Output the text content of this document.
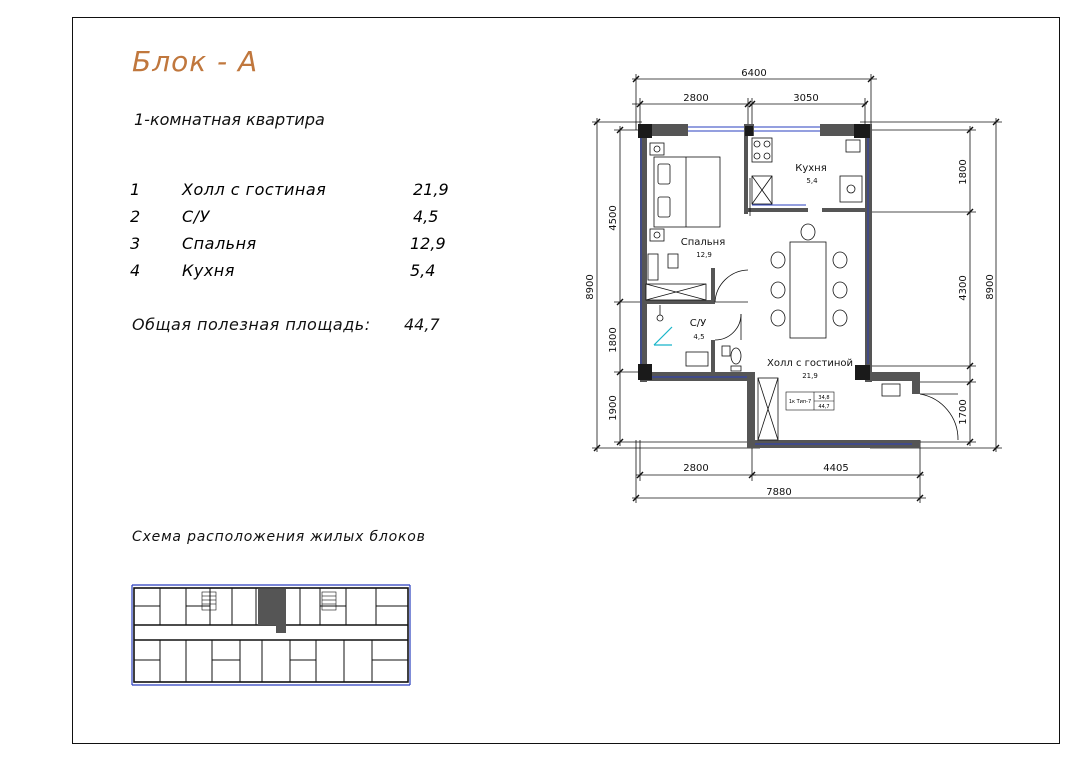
Блок - А
1-комнатная квартира
1	Холл с гостиная	21,9
2	С/У	4,5
3	Спальня	12,9
4	Кухня	5,4
Общая полезная площадь: 44,7
Схема расположения жилых блоков
6400
2800	3050
2800	4405
7880
8900
4500
1800
1900
8900
1800
4300
1700
Кухня
5,4
Спальня
12,9
С/У
4,5
Холл с гостиной
21,9
1к Тип-7
34,8
44,7
